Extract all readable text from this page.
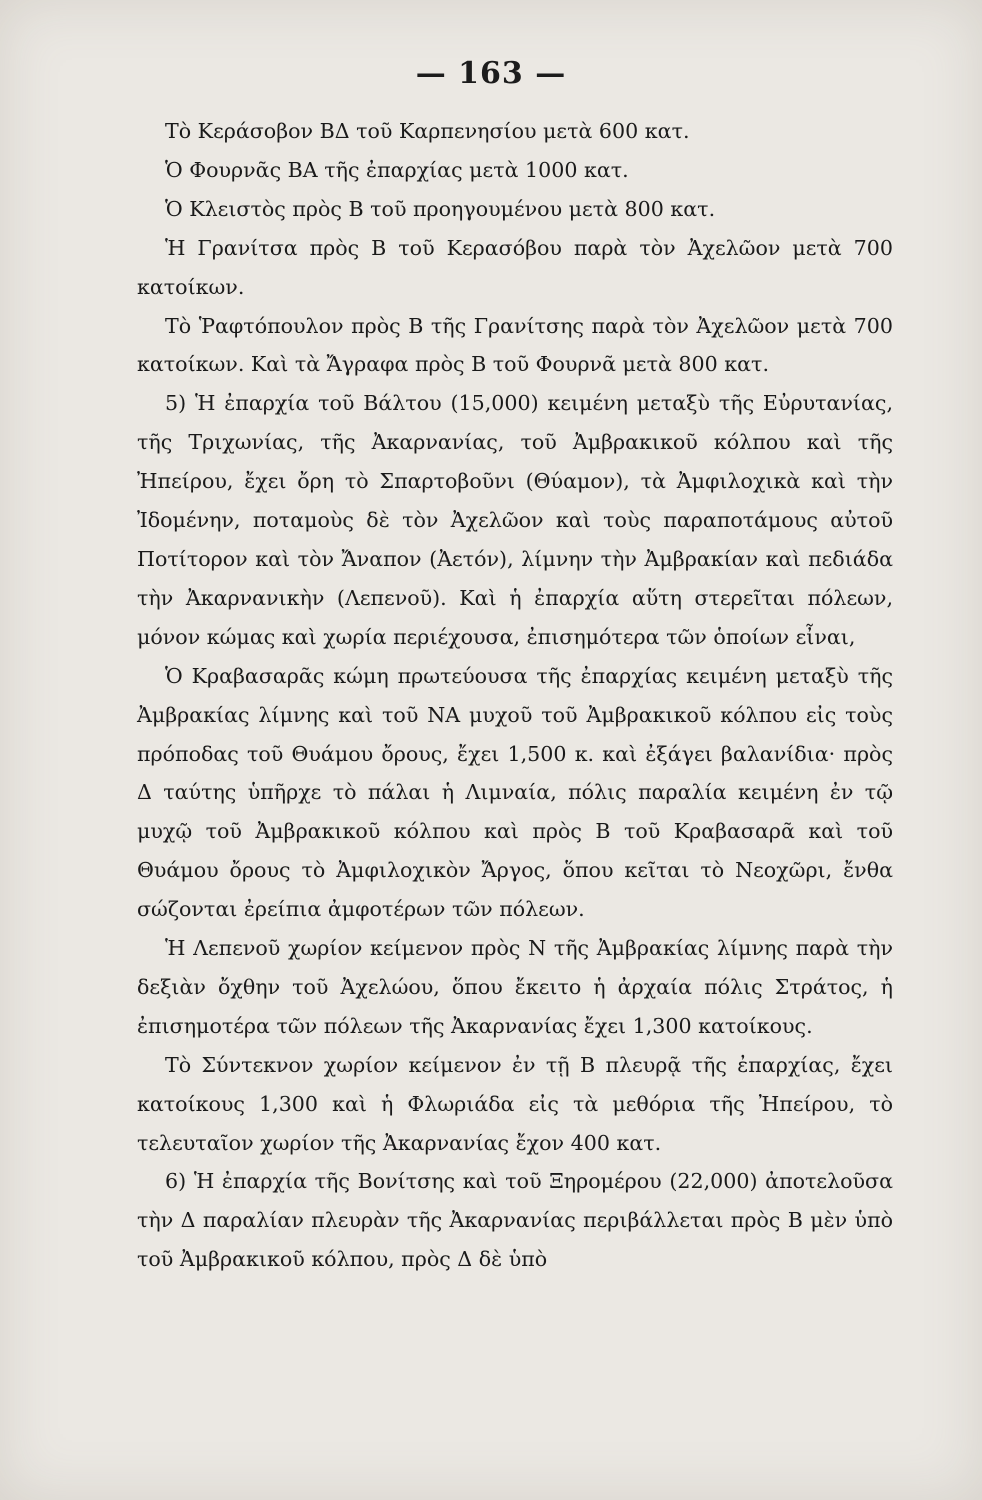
— 163 —

Τὸ Κεράσοβον ΒΔ τοῦ Καρπενησίου μετὰ 600 κατ.

Ὁ Φουρνᾶς ΒΑ τῆς ἐπαρχίας μετὰ 1000 κατ.

Ὁ Κλειστὸς πρὸς Β τοῦ προηγουμένου μετὰ 800 κατ.

Ἡ Γρανίτσα πρὸς Β τοῦ Κερασόβου παρὰ τὸν Ἀχελῶον μετὰ 700 κατοίκων.

Τὸ Ῥαφτόπουλον πρὸς Β τῆς Γρανίτσης παρὰ τὸν Ἀχελῶον μετὰ 700 κατοίκων. Καὶ τὰ Ἄγραφα πρὸς Β τοῦ Φουρνᾶ μετὰ 800 κατ.

5) Ἡ ἐπαρχία τοῦ Βάλτου (15,000) κειμένη μεταξὺ τῆς Εὐρυτανίας, τῆς Τριχωνίας, τῆς Ἀκαρνανίας, τοῦ Ἀμβρακικοῦ κόλπου καὶ τῆς Ἠπείρου, ἔχει ὄρη τὸ Σπαρτοβοῦνι (Θύαμον), τὰ Ἀμφιλοχικὰ καὶ τὴν Ἰδομένην, ποταμοὺς δὲ τὸν Ἀχελῶον καὶ τοὺς παραποτάμους αὐτοῦ Ποτίτορον καὶ τὸν Ἄναπον (Ἀετόν), λίμνην τὴν Ἀμβρακίαν καὶ πεδιάδα τὴν Ἀκαρνανικὴν (Λεπενοῦ). Καὶ ἡ ἐπαρχία αὕτη στερεῖται πόλεων, μόνον κώμας καὶ χωρία περιέχουσα, ἐπισημότερα τῶν ὁποίων εἶναι,

Ὁ Κραβασαρᾶς κώμη πρωτεύουσα τῆς ἐπαρχίας κειμένη μεταξὺ τῆς Ἀμβρακίας λίμνης καὶ τοῦ ΝΑ μυχοῦ τοῦ Ἀμβρακικοῦ κόλπου εἰς τοὺς πρόποδας τοῦ Θυάμου ὄρους, ἔχει 1,500 κ. καὶ ἐξάγει βαλανίδια· πρὸς Δ ταύτης ὑπῆρχε τὸ πάλαι ἡ Λιμναία, πόλις παραλία κειμένη ἐν τῷ μυχῷ τοῦ Ἀμβρακικοῦ κόλπου καὶ πρὸς Β τοῦ Κραβασαρᾶ καὶ τοῦ Θυάμου ὄρους τὸ Ἀμφιλοχικὸν Ἄργος, ὅπου κεῖται τὸ Νεοχῶρι, ἔνθα σώζονται ἐρείπια ἀμφοτέρων τῶν πόλεων.

Ἡ Λεπενοῦ χωρίον κείμενον πρὸς Ν τῆς Ἀμβρακίας λίμνης παρὰ τὴν δεξιὰν ὄχθην τοῦ Ἀχελώου, ὅπου ἔκειτο ἡ ἀρχαία πόλις Στράτος, ἡ ἐπισημοτέρα τῶν πόλεων τῆς Ἀκαρνανίας ἔχει 1,300 κατοίκους.

Τὸ Σύντεκνον χωρίον κείμενον ἐν τῇ Β πλευρᾷ τῆς ἐπαρχίας, ἔχει κατοίκους 1,300 καὶ ἡ Φλωριάδα εἰς τὰ μεθόρια τῆς Ἠπείρου, τὸ τελευταῖον χωρίον τῆς Ἀκαρνανίας ἔχον 400 κατ.

6) Ἡ ἐπαρχία τῆς Βονίτσης καὶ τοῦ Ξηρομέρου (22,000) ἀποτελοῦσα τὴν Δ παραλίαν πλευρὰν τῆς Ἀκαρνανίας περιβάλλεται πρὸς Β μὲν ὑπὸ τοῦ Ἀμβρακικοῦ κόλπου, πρὸς Δ δὲ ὑπὸ
